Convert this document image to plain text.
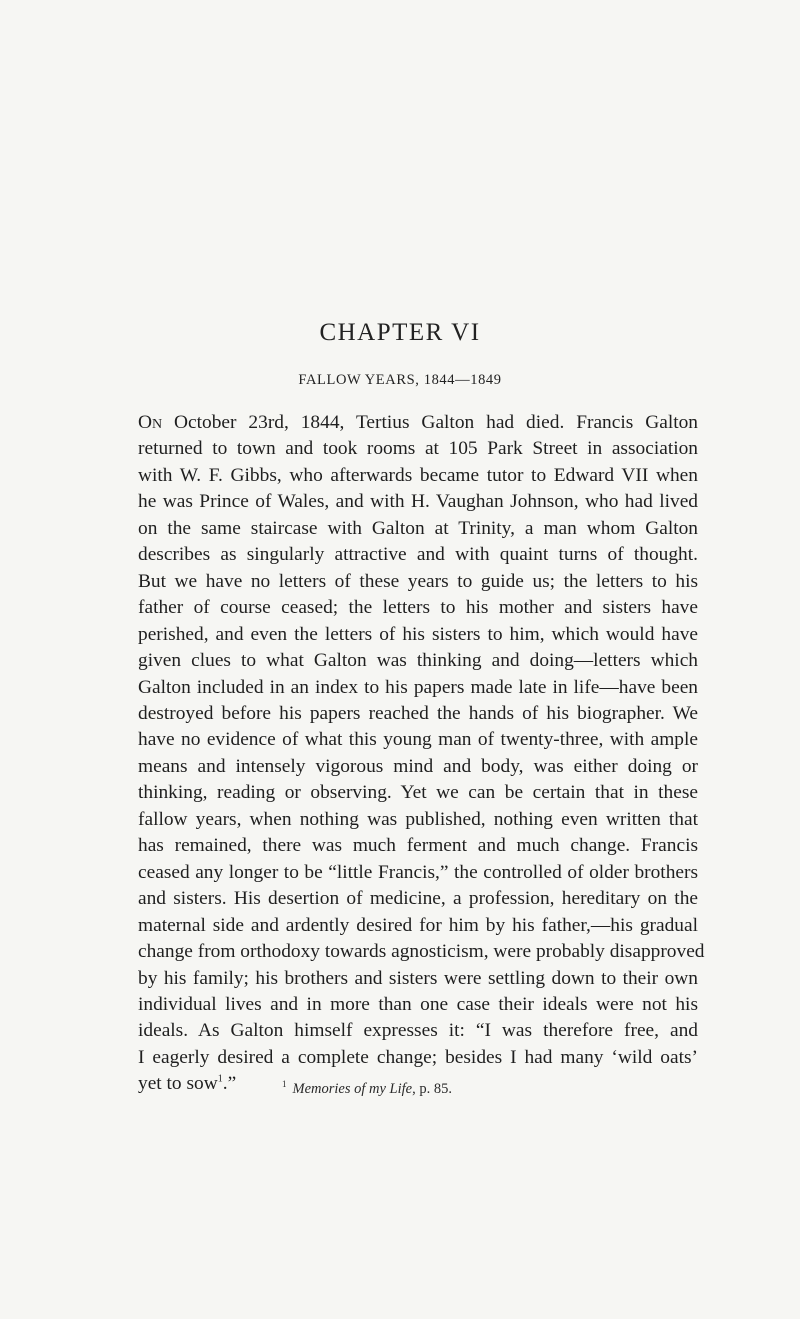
CHAPTER VI
FALLOW YEARS, 1844—1849
On October 23rd, 1844, Tertius Galton had died. Francis Galton
returned to town and took rooms at 105 Park Street in association
with W. F. Gibbs, who afterwards became tutor to Edward VII when
he was Prince of Wales, and with H. Vaughan Johnson, who had lived
on the same staircase with Galton at Trinity, a man whom Galton
describes as singularly attractive and with quaint turns of thought.
But we have no letters of these years to guide us; the letters to his
father of course ceased; the letters to his mother and sisters have
perished, and even the letters of his sisters to him, which would have
given clues to what Galton was thinking and doing—letters which
Galton included in an index to his papers made late in life—have been
destroyed before his papers reached the hands of his biographer. We
have no evidence of what this young man of twenty-three, with ample
means and intensely vigorous mind and body, was either doing or
thinking, reading or observing. Yet we can be certain that in these
fallow years, when nothing was published, nothing even written that
has remained, there was much ferment and much change. Francis
ceased any longer to be “little Francis,” the controlled of older brothers
and sisters. His desertion of medicine, a profession, hereditary on the
maternal side and ardently desired for him by his father,—his gradual
change from orthodoxy towards agnosticism, were probably disapproved
by his family; his brothers and sisters were settling down to their own
individual lives and in more than one case their ideals were not his
ideals. As Galton himself expresses it: “I was therefore free, and
I eagerly desired a complete change; besides I had many ‘wild oats’
yet to sow$^1$.”	$^1$ Memories of my Life, p. 85.
